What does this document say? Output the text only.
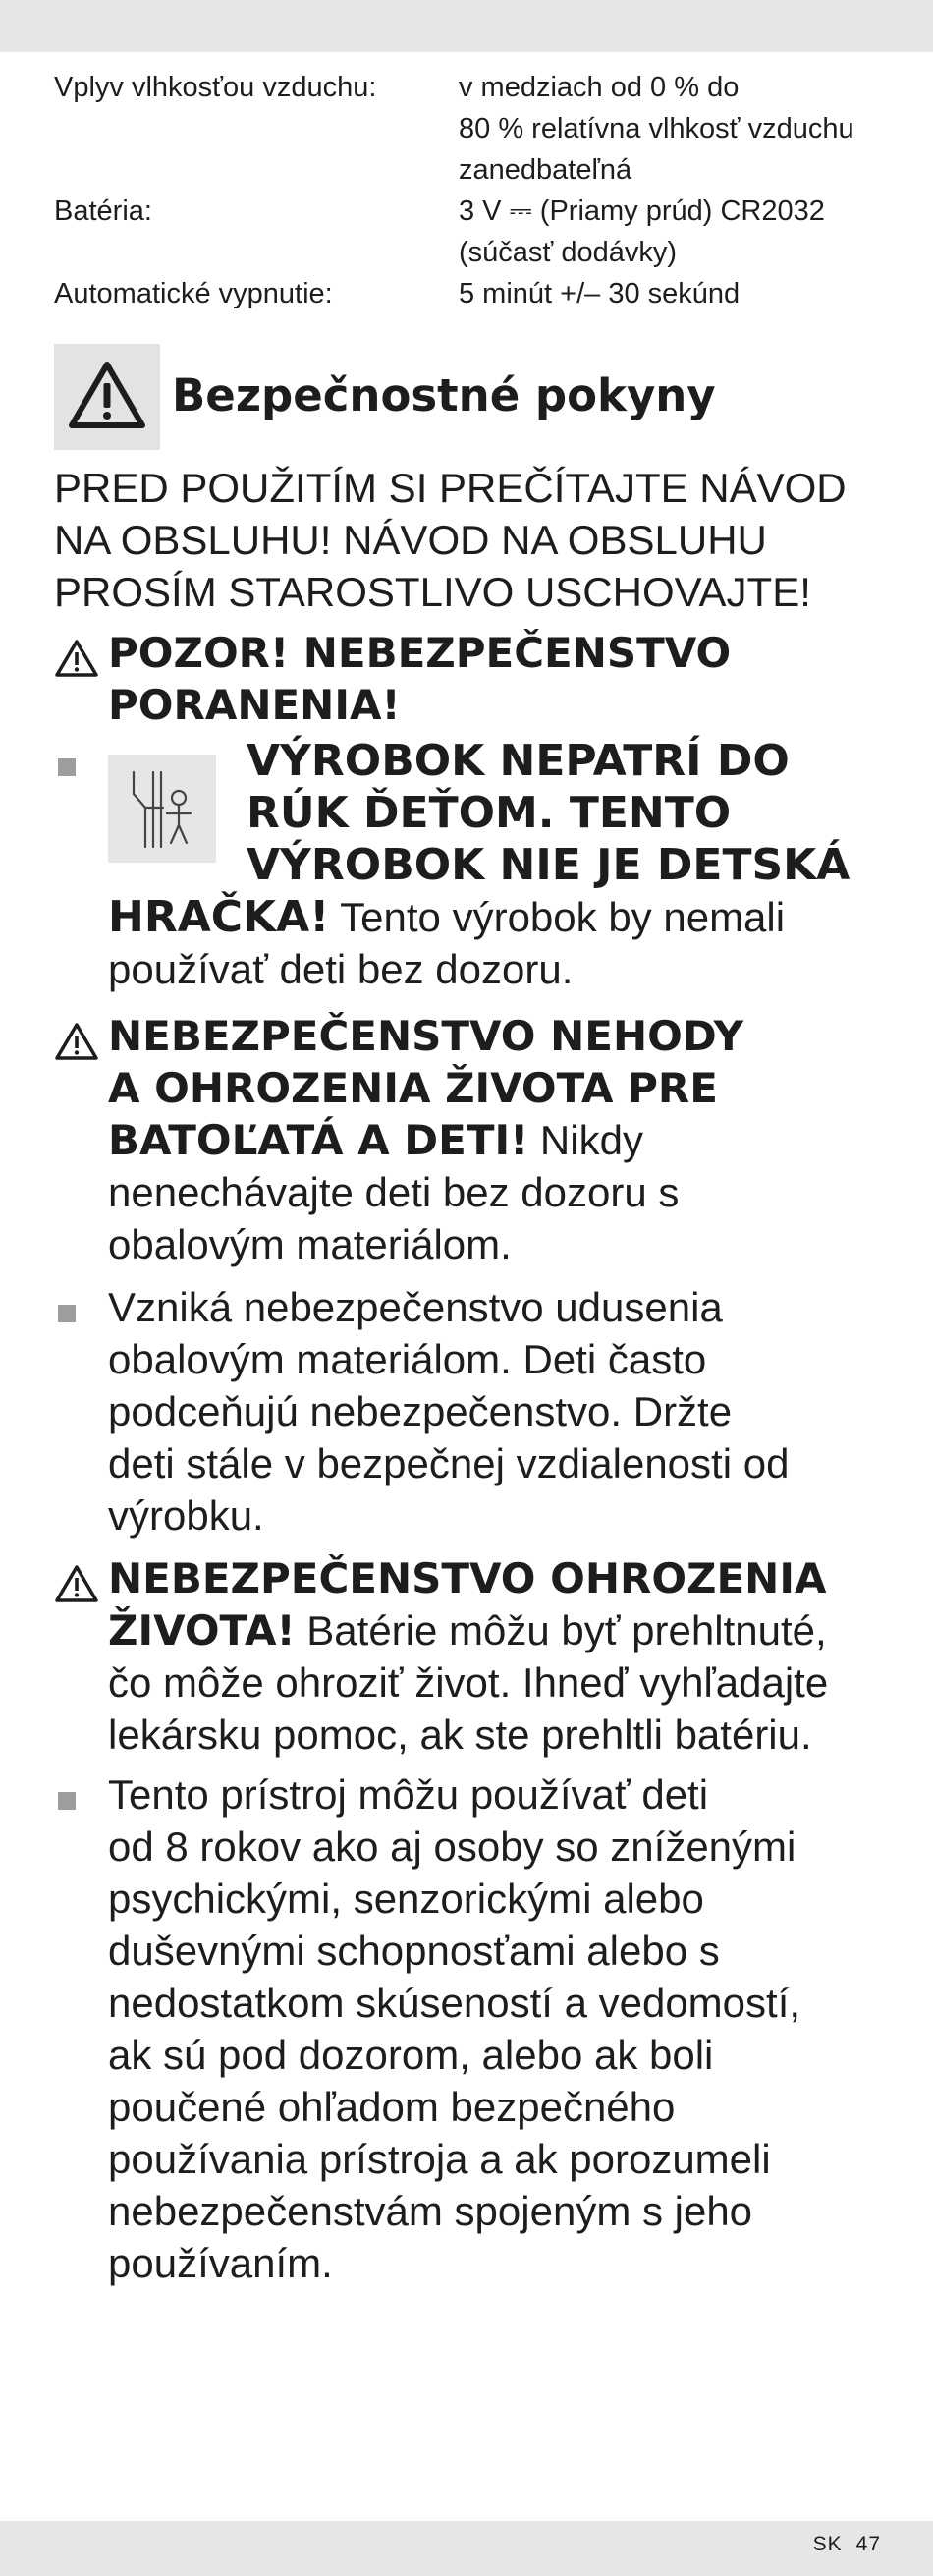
Vplyv vlhkosťou vzduchu:	v medziach od 0 % do
80 % relatívna vlhkosť vzduchu
zanedbateľná
Batéria:	3 V ⎓ (Priamy prúd) CR2032
(súčasť dodávky)
Automatické vypnutie:	5 minút +/– 30 sekúnd
Bezpečnostné pokyny
PRED POUŽITÍM SI PREČÍTAJTE NÁVOD
NA OBSLUHU! NÁVOD NA OBSLUHU
PROSÍM STAROSTLIVO USCHOVAJTE!
POZOR! NEBEZPEČENSTVO
PORANENIA!
VÝROBOK NEPATRÍ DO
RÚK ĎEŤOM. TENTO
VÝROBOK NIE JE DETSKÁ
HRAČKA! Tento výrobok by nemali
používať deti bez dozoru.
NEBEZPEČENSTVO NEHODY
A OHROZENIA ŽIVOTA PRE
BATOĽATÁ A DETI! Nikdy
nenechávajte deti bez dozoru s
obalovým materiálom.
Vzniká nebezpečenstvo udusenia
obalovým materiálom. Deti často
podceňujú nebezpečenstvo. Držte
deti stále v bezpečnej vzdialenosti od
výrobku.
NEBEZPEČENSTVO OHROZENIA
ŽIVOTA! Batérie môžu byť prehltnuté,
čo môže ohroziť život. Ihneď vyhľadajte
lekársku pomoc, ak ste prehltli batériu.
Tento prístroj môžu používať deti
od 8 rokov ako aj osoby so zníženými
psychickými, senzorickými alebo
duševnými schopnosťami alebo s
nedostatkom skúseností a vedomostí,
ak sú pod dozorom, alebo ak boli
poučené ohľadom bezpečného
používania prístroja a ak porozumeli
nebezpečenstvám spojeným s jeho
používaním.
SK 47
